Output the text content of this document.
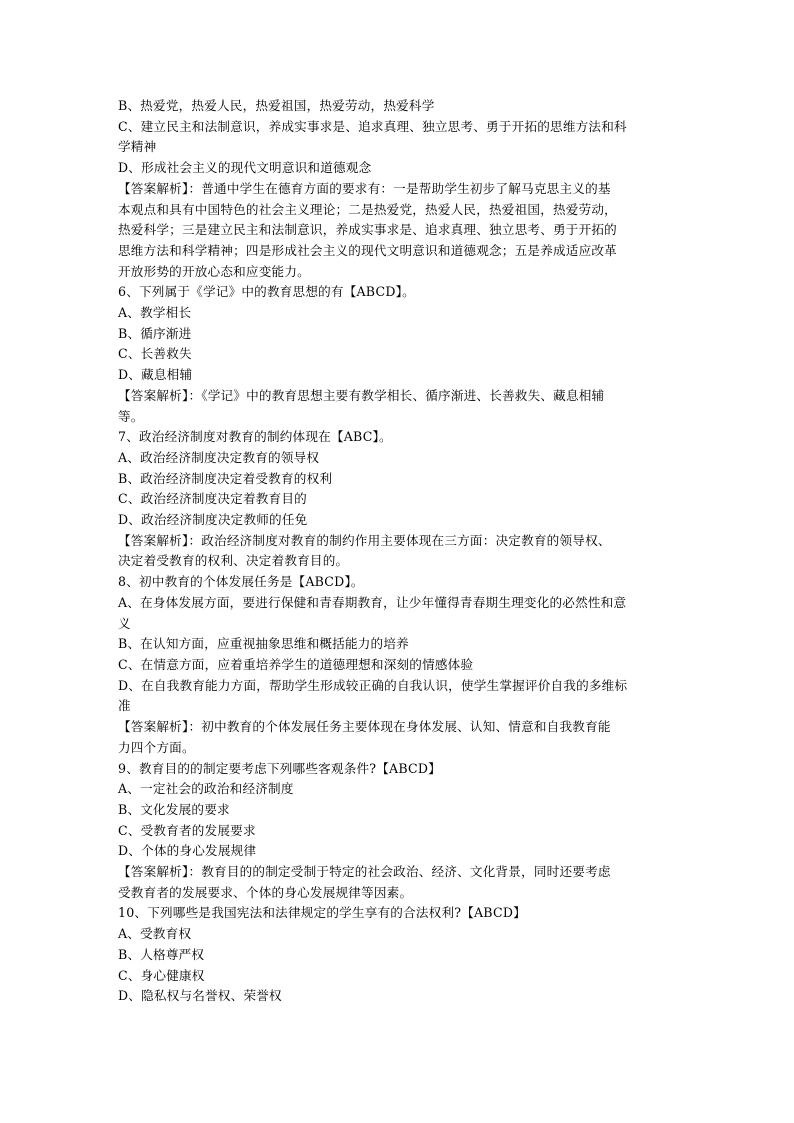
B、热爱党，热爱人民，热爱祖国，热爱劳动，热爱科学
C、建立民主和法制意识，养成实事求是、追求真理、独立思考、勇于开拓的思维方法和科
学精神
D、形成社会主义的现代文明意识和道德观念
【答案解析】：普通中学生在德育方面的要求有：一是帮助学生初步了解马克思主义的基
本观点和具有中国特色的社会主义理论；二是热爱党，热爱人民，热爱祖国，热爱劳动，
热爱科学；三是建立民主和法制意识，养成实事求是、追求真理、独立思考、勇于开拓的
思维方法和科学精神；四是形成社会主义的现代文明意识和道德观念；五是养成适应改革
开放形势的开放心态和应变能力。
6、下列属于《学记》中的教育思想的有【ABCD】。
A、教学相长
B、循序渐进
C、长善救失
D、藏息相辅
【答案解析】：《学记》中的教育思想主要有教学相长、循序渐进、长善救失、藏息相辅
等。
7、政治经济制度对教育的制约体现在【ABC】。
A、政治经济制度决定教育的领导权
B、政治经济制度决定着受教育的权利
C、政治经济制度决定着教育目的
D、政治经济制度决定教师的任免
【答案解析】：政治经济制度对教育的制约作用主要体现在三方面：决定教育的领导权、
决定着受教育的权利、决定着教育目的。
8、初中教育的个体发展任务是【ABCD】。
A、在身体发展方面，要进行保健和青春期教育，让少年懂得青春期生理变化的必然性和意
义
B、在认知方面，应重视抽象思维和概括能力的培养
C、在情意方面，应着重培养学生的道德理想和深刻的情感体验
D、在自我教育能力方面，帮助学生形成较正确的自我认识，使学生掌握评价自我的多维标
准
【答案解析】：初中教育的个体发展任务主要体现在身体发展、认知、情意和自我教育能
力四个方面。
9、教育目的的制定要考虑下列哪些客观条件?【ABCD】
A、一定社会的政治和经济制度
B、文化发展的要求
C、受教育者的发展要求
D、个体的身心发展规律
【答案解析】：教育目的的制定受制于特定的社会政治、经济、文化背景，同时还要考虑
受教育者的发展要求、个体的身心发展规律等因素。
10、下列哪些是我国宪法和法律规定的学生享有的合法权利?【ABCD】
A、受教育权
B、人格尊严权
C、身心健康权
D、隐私权与名誉权、荣誉权
